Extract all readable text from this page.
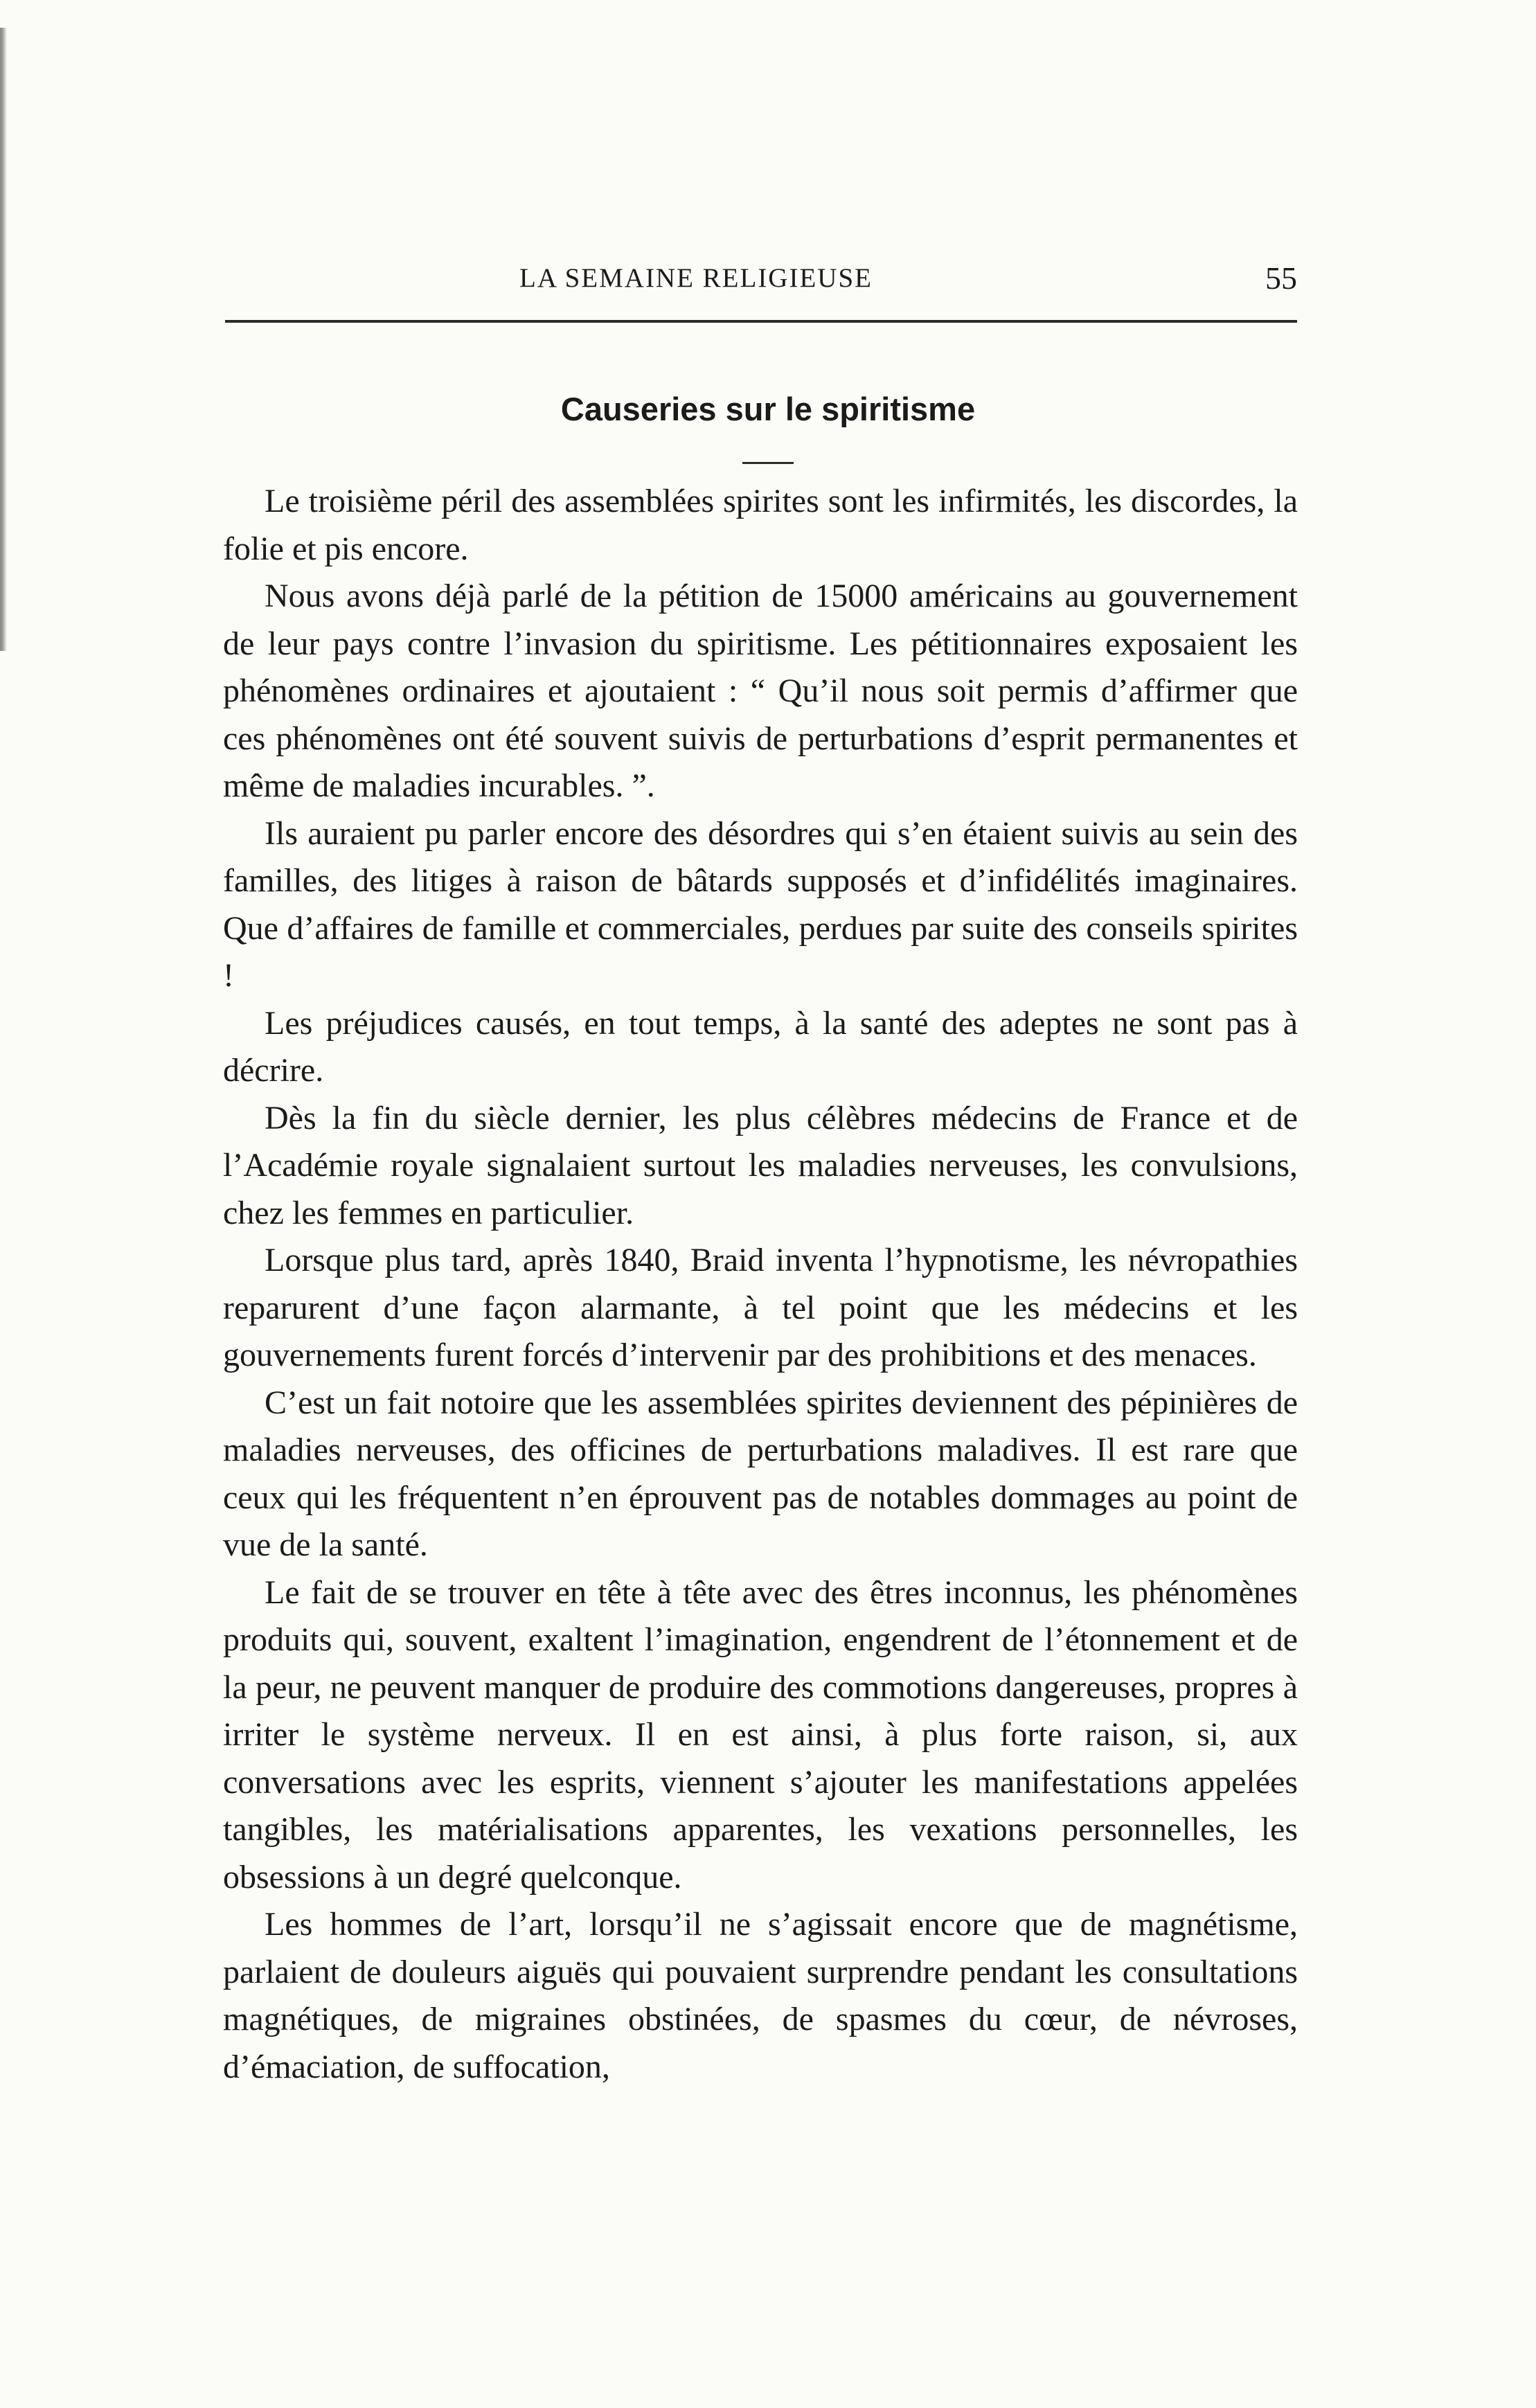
LA SEMAINE RELIGIEUSE	55
Causeries sur le spiritisme

Le troisième péril des assemblées spirites sont les infirmités, les discordes, la folie et pis encore.

Nous avons déjà parlé de la pétition de 15000 américains au gouvernement de leur pays contre l’invasion du spiritisme. Les pétitionnaires exposaient les phénomènes ordinaires et ajoutaient : “ Qu’il nous soit permis d’affirmer que ces phénomènes ont été souvent suivis de perturbations d’esprit permanentes et même de maladies incurables. ”.

Ils auraient pu parler encore des désordres qui s’en étaient suivis au sein des familles, des litiges à raison de bâtards supposés et d’infidélités imaginaires. Que d’affaires de famille et commerciales, perdues par suite des conseils spirites !

Les préjudices causés, en tout temps, à la santé des adeptes ne sont pas à décrire.

Dès la fin du siècle dernier, les plus célèbres médecins de France et de l’Académie royale signalaient surtout les maladies nerveuses, les convulsions, chez les femmes en particulier.

Lorsque plus tard, après 1840, Braid inventa l’hypnotisme, les névropathies reparurent d’une façon alarmante, à tel point que les médecins et les gouvernements furent forcés d’intervenir par des prohibitions et des menaces.

C’est un fait notoire que les assemblées spirites deviennent des pépinières de maladies nerveuses, des officines de perturbations maladives. Il est rare que ceux qui les fréquentent n’en éprouvent pas de notables dommages au point de vue de la santé.

Le fait de se trouver en tête à tête avec des êtres inconnus, les phénomènes produits qui, souvent, exaltent l’imagination, engendrent de l’étonnement et de la peur, ne peuvent manquer de produire des commotions dangereuses, propres à irriter le système nerveux. Il en est ainsi, à plus forte raison, si, aux conversations avec les esprits, viennent s’ajouter les manifestations appelées tangibles, les matérialisations apparentes, les vexations personnelles, les obsessions à un degré quelconque.

Les hommes de l’art, lorsqu’il ne s’agissait encore que de magnétisme, parlaient de douleurs aiguës qui pouvaient surprendre pendant les consultations magnétiques, de migraines obstinées, de spasmes du cœur, de névroses, d’émaciation, de suffocation,
